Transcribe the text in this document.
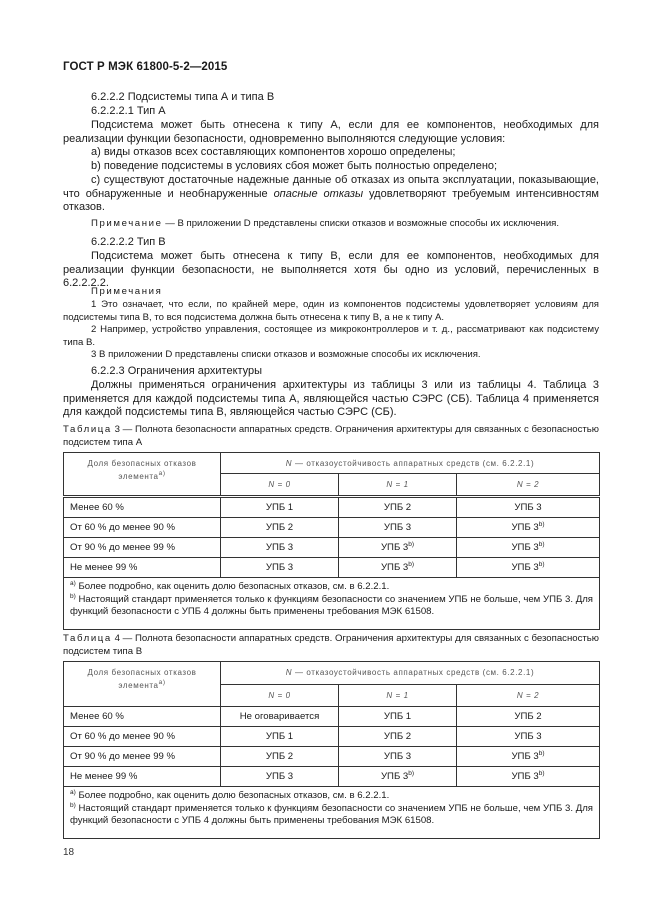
ГОСТ Р МЭК 61800-5-2—2015
6.2.2.2 Подсистемы типа А и типа В
6.2.2.2.1 Тип А
Подсистема может быть отнесена к типу А, если для ее компонентов, необходимых для реализации функции безопасности, одновременно выполняются следующие условия:
a) виды отказов всех составляющих компонентов хорошо определены;
b) поведение подсистемы в условиях сбоя может быть полностью определено;
c) существуют достаточные надежные данные об отказах из опыта эксплуатации, показывающие, что обнаруженные и необнаруженные опасные отказы удовлетворяют требуемым интенсивностям отказов.
Примечание — В приложении D представлены списки отказов и возможные способы их исключения.
6.2.2.2.2 Тип В
Подсистема может быть отнесена к типу В, если для ее компонентов, необходимых для реализации функции безопасности, не выполняется хотя бы одно из условий, перечисленных в 6.2.2.2.2.
Примечания
1 Это означает, что если, по крайней мере, один из компонентов подсистемы удовлетворяет условиям для подсистемы типа В, то вся подсистема должна быть отнесена к типу В, а не к типу А.
2 Например, устройство управления, состоящее из микроконтроллеров и т. д., рассматривают как подсистему типа В.
3 В приложении D представлены списки отказов и возможные способы их исключения.
6.2.2.3 Ограничения архитектуры
Должны применяться ограничения архитектуры из таблицы 3 или из таблицы 4. Таблица 3 применяется для каждой подсистемы типа А, являющейся частью СЭРС (СБ). Таблица 4 применяется для каждой подсистемы типа В, являющейся частью СЭРС (СБ).
Таблица 3 — Полнота безопасности аппаратных средств. Ограничения архитектуры для связанных с безопасностью подсистем типа А
Доля безопасных отказов элемента$^{a)}$	N — отказоустойчивость аппаратных средств (см. 6.2.2.1)		
	N = 0	N = 1	N = 2
Менее 60 %	УПБ 1	УПБ 2	УПБ 3
От 60 % до менее 90 %	УПБ 2	УПБ 3	УПБ 3$^{b)}$
От 90 % до менее 99 %	УПБ 3	УПБ 3$^{b)}$	УПБ 3$^{b)}$
Не менее 99 %	УПБ 3	УПБ 3$^{b)}$	УПБ 3$^{b)}$

$^{a)}$ Более подробно, как оценить долю безопасных отказов, см. в 6.2.2.1.
$^{b)}$ Настоящий стандарт применяется только к функциям безопасности со значением УПБ не больше, чем УПБ 3. Для функций безопасности с УПБ 4 должны быть применены требования МЭК 61508.			
Таблица 4 — Полнота безопасности аппаратных средств. Ограничения архитектуры для связанных с безопасностью подсистем типа В
Доля безопасных отказов элемента$^{a)}$	N — отказоустойчивость аппаратных средств (см. 6.2.2.1)		
	N = 0	N = 1	N = 2
Менее 60 %	Не оговаривается	УПБ 1	УПБ 2
От 60 % до менее 90 %	УПБ 1	УПБ 2	УПБ 3
От 90 % до менее 99 %	УПБ 2	УПБ 3	УПБ 3$^{b)}$
Не менее 99 %	УПБ 3	УПБ 3$^{b)}$	УПБ 3$^{b)}$

$^{a)}$ Более подробно, как оценить долю безопасных отказов, см. в 6.2.2.1.
$^{b)}$ Настоящий стандарт применяется только к функциям безопасности со значением УПБ не больше, чем УПБ 3. Для функций безопасности с УПБ 4 должны быть применены требования МЭК 61508.			
18
